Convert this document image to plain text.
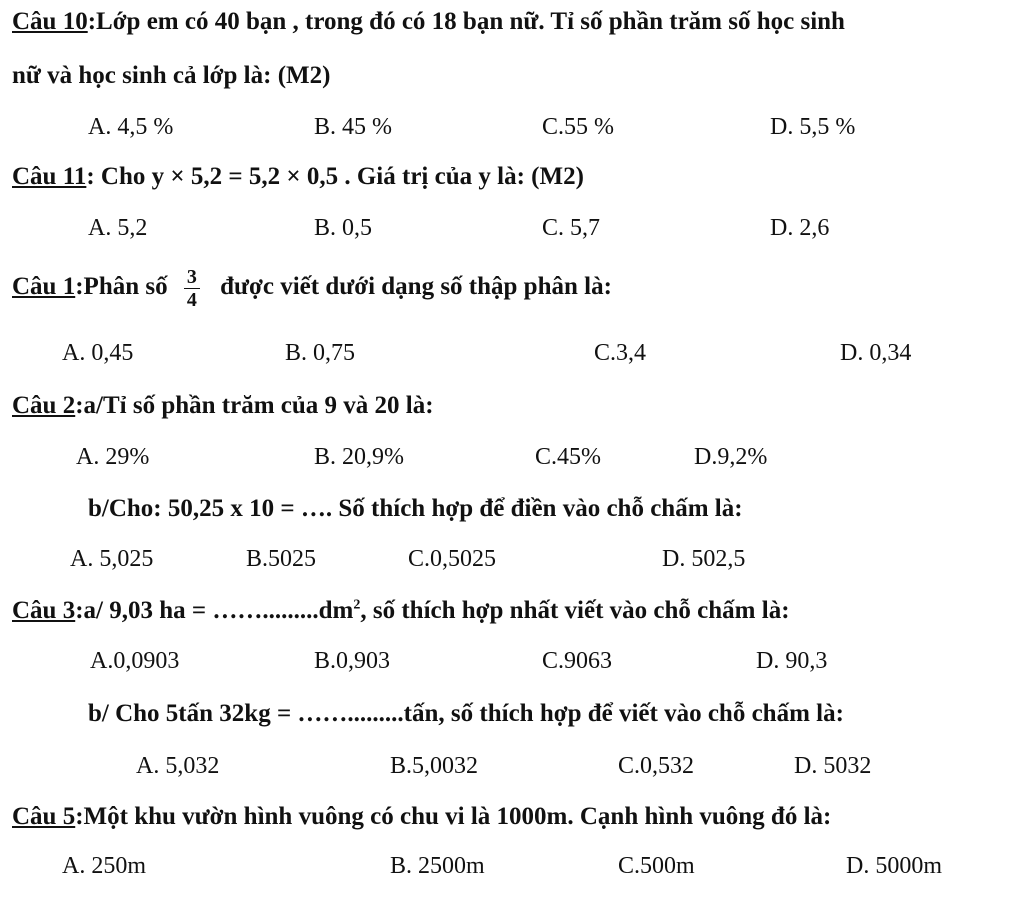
Câu 10:Lớp em có 40 bạn , trong đó có 18 bạn nữ. Tỉ số phần trăm số học sinh
nữ và học sinh cả lớp là: (M2)
A. 4,5 %	B. 45 %	C.55 %	D. 5,5 %
Câu 11: Cho y × 5,2 = 5,2 × 0,5 . Giá trị của y là: (M2)
A. 5,2	B. 0,5	C. 5,7	D. 2,6
Câu 1:Phân số $\frac{3}{4}$ được viết dưới dạng số thập phân là:
A. 0,45	B. 0,75	C.3,4	D. 0,34
Câu 2:a/Tỉ số phần trăm của 9 và 20 là:
A. 29%	B. 20,9%	C.45%	D.9,2%
b/Cho: 50,25 x 10 = …. Số thích hợp để điền vào chỗ chấm là:
A. 5,025	B.5025	C.0,5025	D. 502,5
Câu 3:a/ 9,03 ha = $\dots\dots.........dm^2$, số thích hợp nhất viết vào chỗ chấm là:
A.0,0903	B.0,903	C.9063	D. 90,3
b/ Cho 5tấn 32kg = …….........tấn, số thích hợp để viết vào chỗ chấm là:
A. 5,032	B.5,0032	C.0,532	D. 5032
Câu 5:Một khu vườn hình vuông có chu vi là 1000m. Cạnh hình vuông đó là:
A. 250m	B. 2500m	C.500m	D. 5000m
